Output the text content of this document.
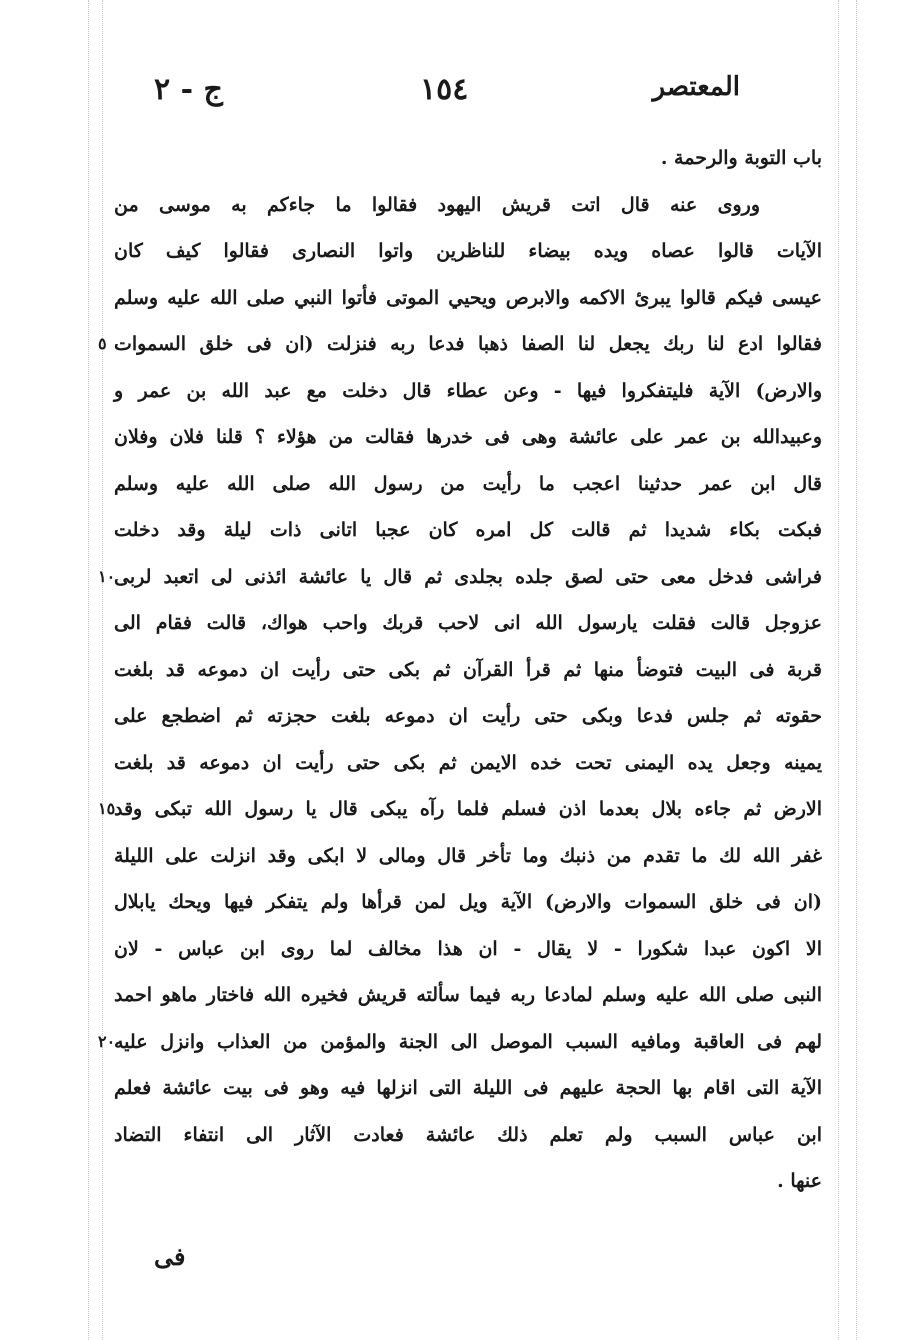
ج - ٢	١٥٤	المعتصر
باب التوبة والرحمة .
وروى عنه قال اتت قريش اليهود فقالوا ما جاءكم به موسى من
الآيات قالوا عصاه ويده بيضاء للناظرين واتوا النصارى فقالوا كيف كان
عيسى فيكم قالوا يبرئ الاكمه والابرص ويحيي الموتى فأتوا النبي صلى الله عليه وسلم
فقالوا ادع لنا ربك يجعل لنا الصفا ذهبا فدعا ربه فنزلت (ان فى خلق السموات
٥
والارض) الآية فليتفكروا فيها - وعن عطاء قال دخلت مع عبد الله بن عمر و
وعبيدالله بن عمر على عائشة وهى فى خدرها فقالت من هؤلاء ؟ قلنا فلان وفلان
قال ابن عمر حدثينا اعجب ما رأيت من رسول الله صلى الله عليه وسلم
فبكت بكاء شديدا ثم قالت كل امره كان عجبا اتانى ذات ليلة وقد دخلت
فراشى فدخل معى حتى لصق جلده بجلدى ثم قال يا عائشة ائذنى لى اتعبد لربى
١٠
عزوجل قالت فقلت يارسول الله انى لاحب قربك واحب هواك، قالت فقام الى
قربة فى البيت فتوضأ منها ثم قرأ القرآن ثم بكى حتى رأيت ان دموعه قد بلغت
حقوته ثم جلس فدعا وبكى حتى رأيت ان دموعه بلغت حجزته ثم اضطجع على
يمينه وجعل يده اليمنى تحت خده الايمن ثم بكى حتى رأيت ان دموعه قد بلغت
الارض ثم جاءه بلال بعدما اذن فسلم فلما رآه يبكى قال يا رسول الله تبكى وقد
١٥
غفر الله لك ما تقدم من ذنبك وما تأخر قال ومالى لا ابكى وقد انزلت على الليلة
(ان فى خلق السموات والارض) الآية ويل لمن قرأها ولم يتفكر فيها ويحك يابلال
الا اكون عبدا شكورا - لا يقال - ان هذا مخالف لما روى ابن عباس - لان
النبى صلى الله عليه وسلم لمادعا ربه فيما سألته قريش فخيره الله فاختار ماهو احمد
لهم فى العاقبة ومافيه السبب الموصل الى الجنة والمؤمن من العذاب وانزل عليه
٢٠
الآية التى اقام بها الحجة عليهم فى الليلة التى انزلها فيه وهو فى بيت عائشة فعلم
ابن عباس السبب ولم تعلم ذلك عائشة فعادت الآثار الى انتفاء التضاد
عنها .
فى
